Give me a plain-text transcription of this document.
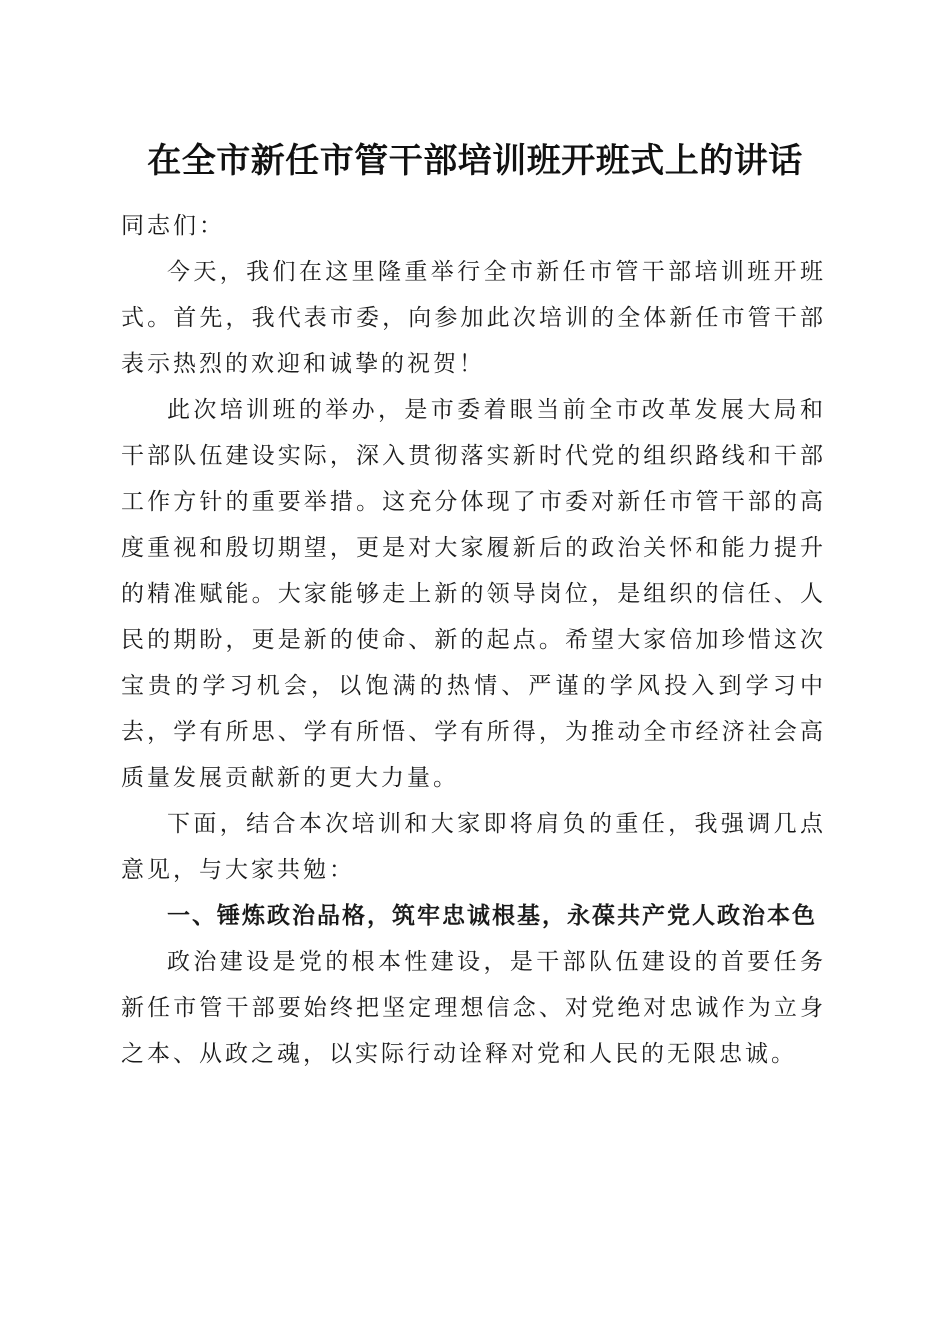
在全市新任市管干部培训班开班式上的讲话

同志们：

今天，我们在这里隆重举行全市新任市管干部培训班开班式。首先，我代表市委，向参加此次培训的全体新任市管干部表示热烈的欢迎和诚挚的祝贺！

此次培训班的举办，是市委着眼当前全市改革发展大局和干部队伍建设实际，深入贯彻落实新时代党的组织路线和干部工作方针的重要举措。这充分体现了市委对新任市管干部的高度重视和殷切期望，更是对大家履新后的政治关怀和能力提升的精准赋能。大家能够走上新的领导岗位，是组织的信任、人民的期盼，更是新的使命、新的起点。希望大家倍加珍惜这次宝贵的学习机会，以饱满的热情、严谨的学风投入到学习中去，学有所思、学有所悟、学有所得，为推动全市经济社会高质量发展贡献新的更大力量。

下面，结合本次培训和大家即将肩负的重任，我强调几点意见，与大家共勉：

一、锤炼政治品格，筑牢忠诚根基，永葆共产党人政治本色

政治建设是党的根本性建设，是干部队伍建设的首要任务新任市管干部要始终把坚定理想信念、对党绝对忠诚作为立身之本、从政之魂，以实际行动诠释对党和人民的无限忠诚。
